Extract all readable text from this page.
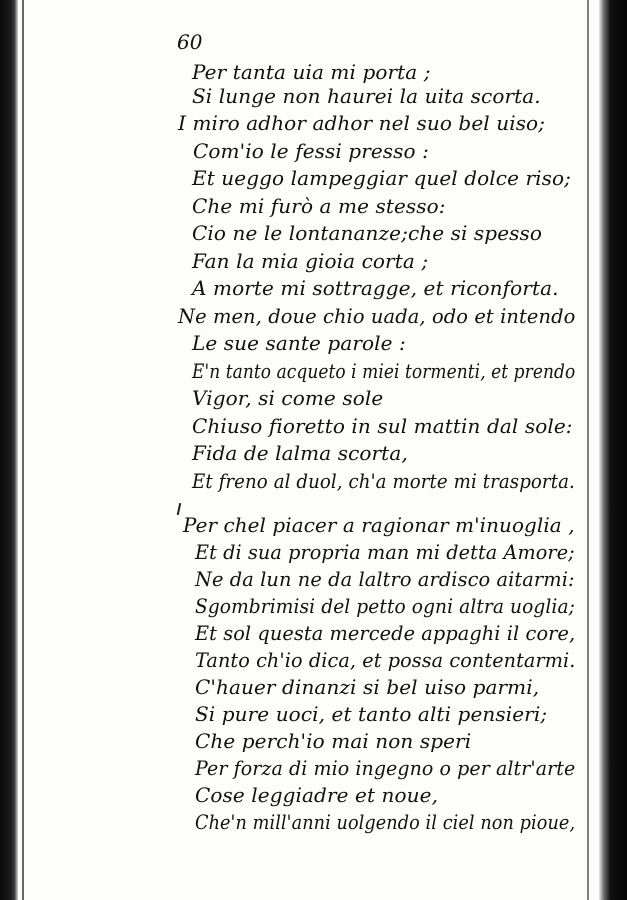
60
Per tanta uia mi porta ;
Si lunge non haurei la uita scorta.
I miro adhor adhor nel suo bel uiso;
Com'io le fessi presso :
Et ueggo lampeggiar quel dolce riso;
Che mi furò a me stesso:
Cio ne le lontananze;che si spesso
Fan la mia gioia corta ;
A morte mi sottragge, et riconforta.
Ne men, doue chio uada, odo et intendo
Le sue sante parole :
E'n tanto acqueto i miei tormenti, et prendo
Vigor, si come sole
Chiuso fioretto in sul mattin dal sole:
Fida de lalma scorta,
Et freno al duol, ch'a morte mi trasporta.
Per chel piacer a ragionar m'inuoglia ,
Et di sua propria man mi detta Amore;
Ne da lun ne da laltro ardisco aitarmi:
Sgombrimisi del petto ogni altra uoglia;
Et sol questa mercede appaghi il core,
Tanto ch'io dica, et possa contentarmi.
C'hauer dinanzi si bel uiso parmi,
Si pure uoci, et tanto alti pensieri;
Che perch'io mai non speri
Per forza di mio ingegno o per altr'arte
Cose leggiadre et noue,
Che'n mill'anni uolgendo il ciel non pioue,
